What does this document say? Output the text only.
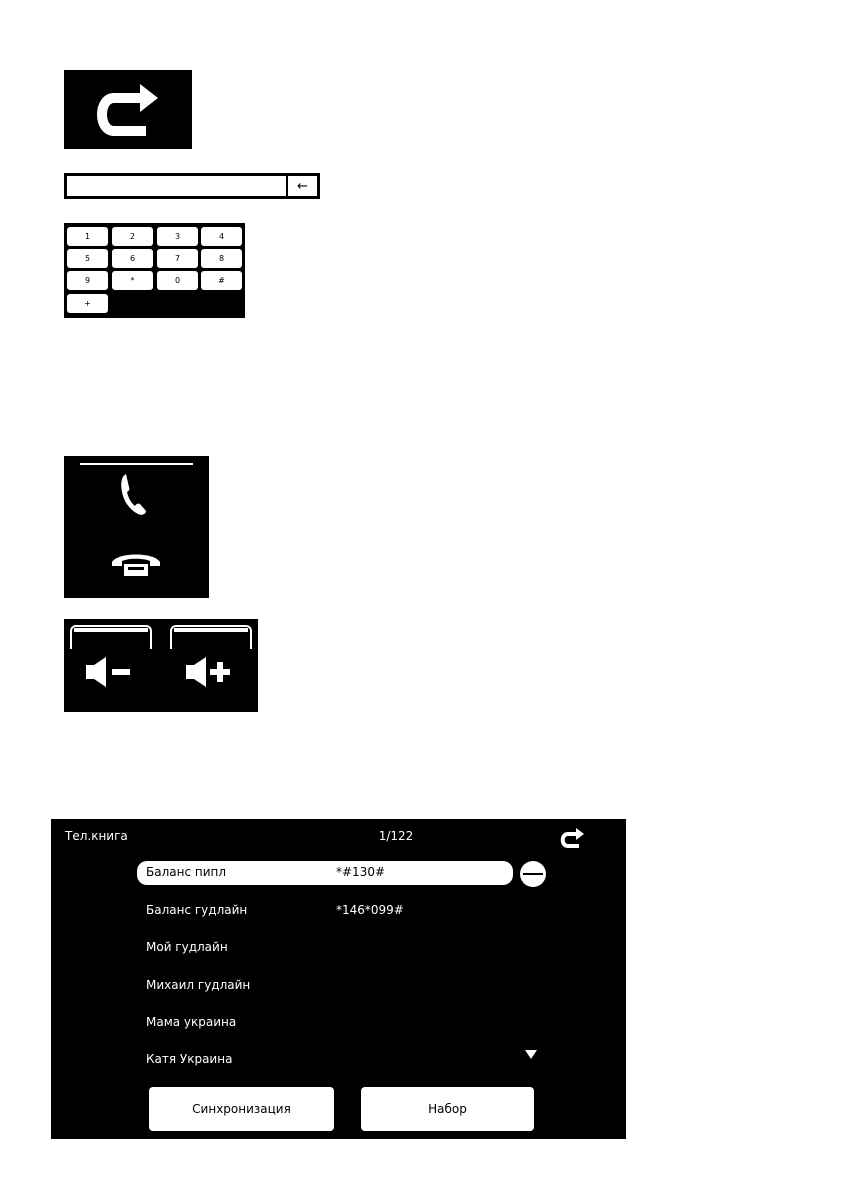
←
1	2	3	4
5	6	7	8
9	*	0	#
+
Тел.книга	1/122
Баланс пипл	*#130#
Баланс гудлайн	*146*099#
Мой гудлайн
Михаил гудлайн
Мама украина
Катя Украина
Синхронизация	Набор
